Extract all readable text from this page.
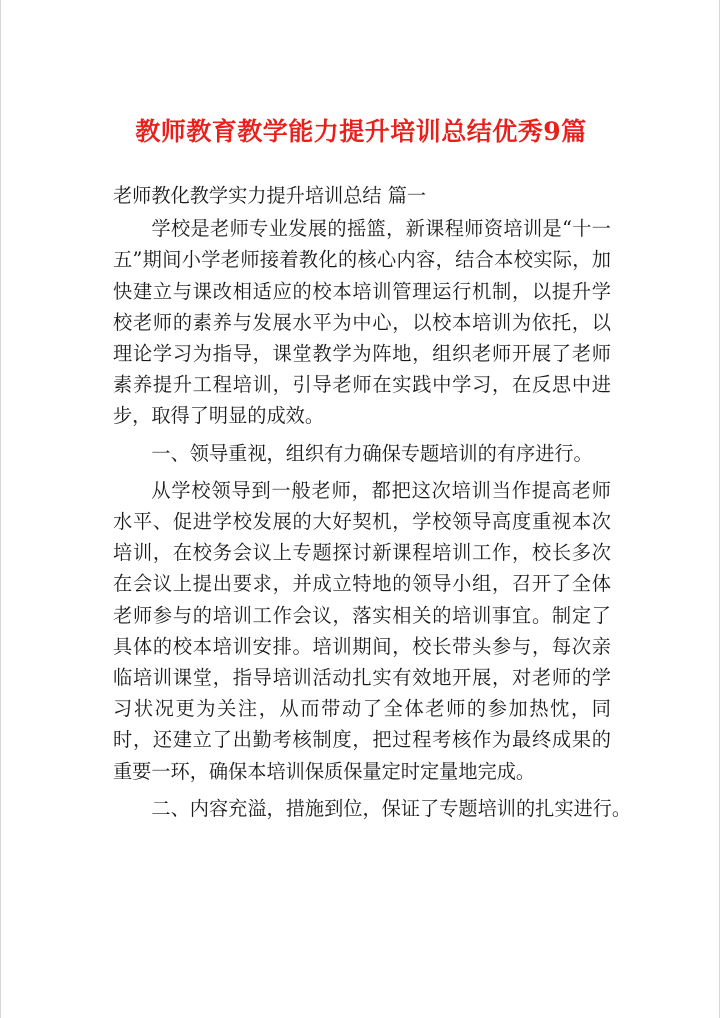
教师教育教学能力提升培训总结优秀9篇

老师教化教学实力提升培训总结 篇一

学校是老师专业发展的摇篮，新课程师资培训是“十一五”期间小学老师接着教化的核心内容，结合本校实际，加快建立与课改相适应的校本培训管理运行机制，以提升学校老师的素养与发展水平为中心，以校本培训为依托，以理论学习为指导，课堂教学为阵地，组织老师开展了老师素养提升工程培训，引导老师在实践中学习，在反思中进步，取得了明显的成效。

一、领导重视，组织有力确保专题培训的有序进行。

从学校领导到一般老师，都把这次培训当作提高老师水平、促进学校发展的大好契机，学校领导高度重视本次培训，在校务会议上专题探讨新课程培训工作，校长多次在会议上提出要求，并成立特地的领导小组，召开了全体老师参与的培训工作会议，落实相关的培训事宜。制定了具体的校本培训安排。培训期间，校长带头参与，每次亲临培训课堂，指导培训活动扎实有效地开展，对老师的学习状况更为关注，从而带动了全体老师的参加热忱，同时，还建立了出勤考核制度，把过程考核作为最终成果的重要一环，确保本培训保质保量定时定量地完成。

二、内容充溢，措施到位，保证了专题培训的扎实进行。
